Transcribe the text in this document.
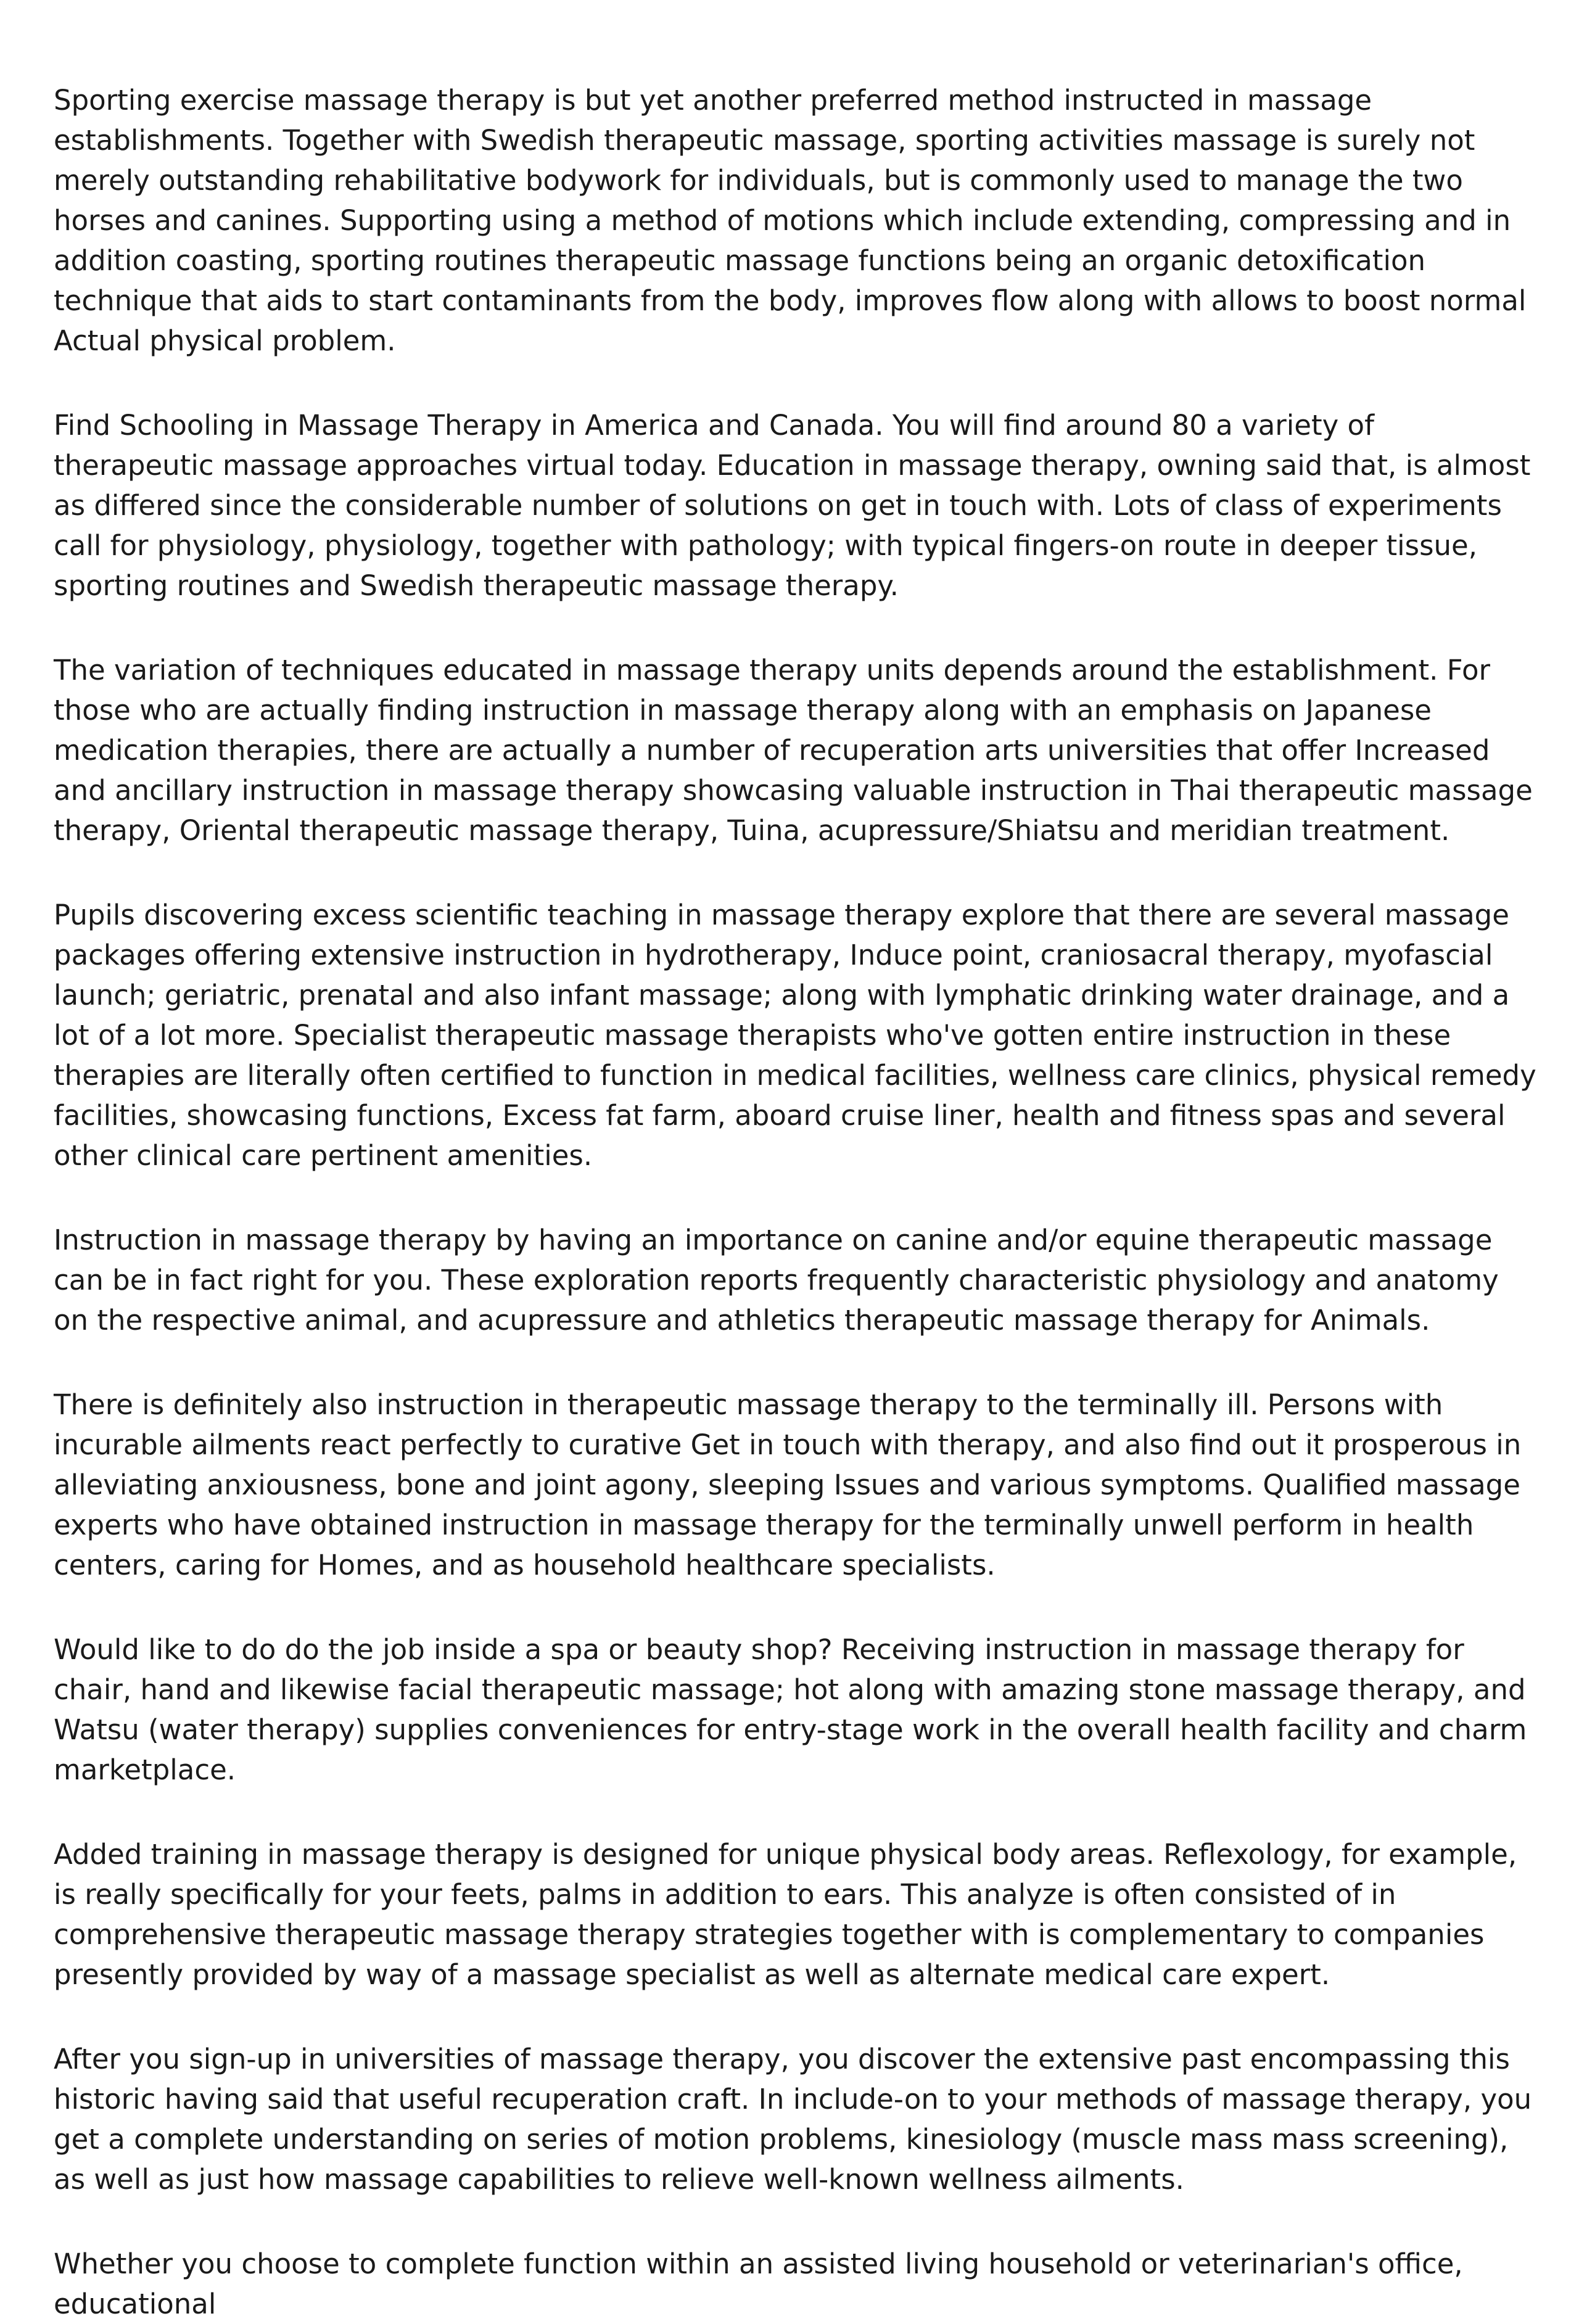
Sporting exercise massage therapy is but yet another preferred method instructed in massage establishments. Together with Swedish therapeutic massage, sporting activities massage is surely not merely outstanding rehabilitative bodywork for individuals, but is commonly used to manage the two horses and canines. Supporting using a method of motions which include extending, compressing and in addition coasting, sporting routines therapeutic massage functions being an organic detoxification technique that aids to start contaminants from the body, improves flow along with allows to boost normal Actual physical problem.

Find Schooling in Massage Therapy in America and Canada. You will find around 80 a variety of therapeutic massage approaches virtual today. Education in massage therapy, owning said that, is almost as differed since the considerable number of solutions on get in touch with. Lots of class of experiments call for physiology, physiology, together with pathology; with typical fingers-on route in deeper tissue, sporting routines and Swedish therapeutic massage therapy.

The variation of techniques educated in massage therapy units depends around the establishment. For those who are actually finding instruction in massage therapy along with an emphasis on Japanese medication therapies, there are actually a number of recuperation arts universities that offer Increased and ancillary instruction in massage therapy showcasing valuable instruction in Thai therapeutic massage therapy, Oriental therapeutic massage therapy, Tuina, acupressure/Shiatsu and meridian treatment.

Pupils discovering excess scientific teaching in massage therapy explore that there are several massage packages offering extensive instruction in hydrotherapy, Induce point, craniosacral therapy, myofascial launch; geriatric, prenatal and also infant massage; along with lymphatic drinking water drainage, and a lot of a lot more. Specialist therapeutic massage therapists who've gotten entire instruction in these therapies are literally often certified to function in medical facilities, wellness care clinics, physical remedy facilities, showcasing functions, Excess fat farm, aboard cruise liner, health and fitness spas and several other clinical care pertinent amenities.

Instruction in massage therapy by having an importance on canine and/or equine therapeutic massage can be in fact right for you. These exploration reports frequently characteristic physiology and anatomy on the respective animal, and acupressure and athletics therapeutic massage therapy for Animals.

There is definitely also instruction in therapeutic massage therapy to the terminally ill. Persons with incurable ailments react perfectly to curative Get in touch with therapy, and also find out it prosperous in alleviating anxiousness, bone and joint agony, sleeping Issues and various symptoms. Qualified massage experts who have obtained instruction in massage therapy for the terminally unwell perform in health centers, caring for Homes, and as household healthcare specialists.

Would like to do do the job inside a spa or beauty shop? Receiving instruction in massage therapy for chair, hand and likewise facial therapeutic massage; hot along with amazing stone massage therapy, and Watsu (water therapy) supplies conveniences for entry-stage work in the overall health facility and charm marketplace.

Added training in massage therapy is designed for unique physical body areas. Reflexology, for example, is really specifically for your feets, palms in addition to ears. This analyze is often consisted of in comprehensive therapeutic massage therapy strategies together with is complementary to companies presently provided by way of a massage specialist as well as alternate medical care expert.

After you sign-up in universities of massage therapy, you discover the extensive past encompassing this historic having said that useful recuperation craft. In include-on to your methods of massage therapy, you get a complete understanding on series of motion problems, kinesiology (muscle mass mass screening), as well as just how massage capabilities to relieve well-known wellness ailments.

Whether you choose to complete function within an assisted living household or veterinarian's office, educational
